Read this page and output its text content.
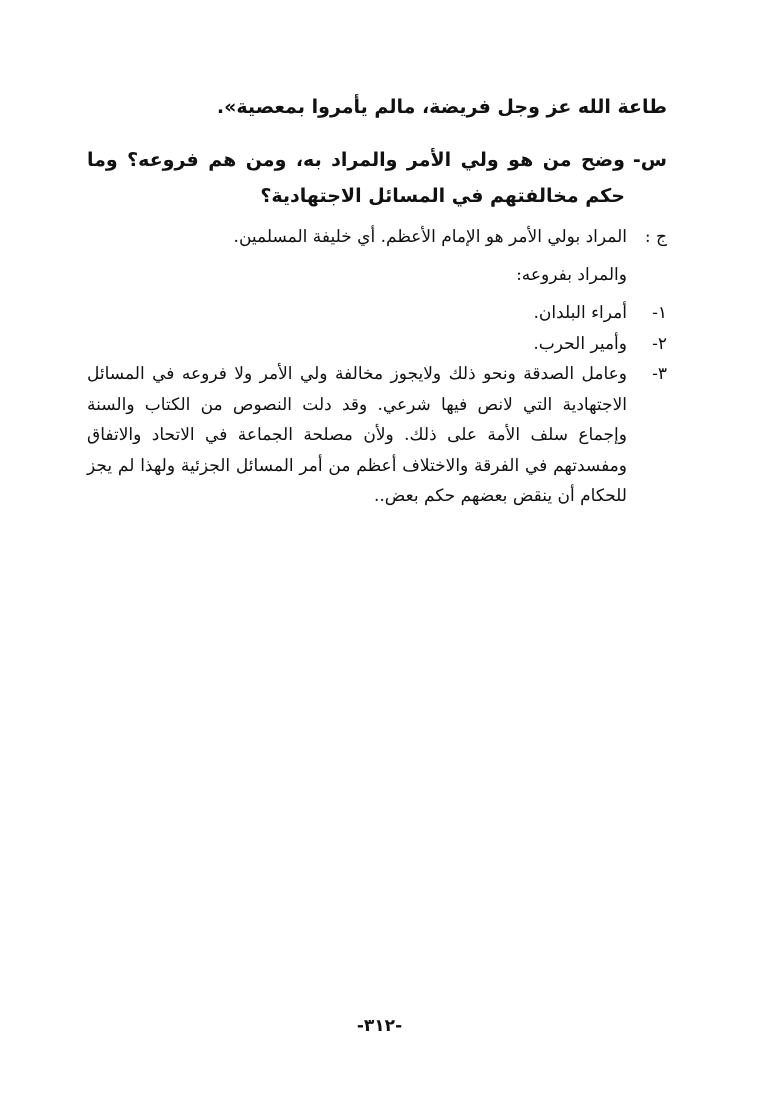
طاعة الله عز وجل فريضة، مالم يأمروا بمعصية».
س-
وضح من هو ولي الأمر والمراد به، ومن هم فروعه؟ وما حكم مخالفتهم في المسائل الاجتهادية؟
ج :
المراد بولي الأمر هو الإمام الأعظم. أي خليفة المسلمين.
والمراد بفروعه:
١-
أمراء البلدان.
٢-
وأمير الحرب.
٣-
وعامل الصدقة ونحو ذلك ولايجوز مخالفة ولي الأمر ولا فروعه في المسائل الاجتهادية التي لانص فيها شرعي. وقد دلت النصوص من الكتاب والسنة وإجماع سلف الأمة على ذلك. ولأن مصلحة الجماعة في الاتحاد والاتفاق ومفسدتهم في الفرقة والاختلاف أعظم من أمر المسائل الجزئية ولهذا لم يجز للحكام أن ينقض بعضهم حكم بعض..
-٣١٢-
